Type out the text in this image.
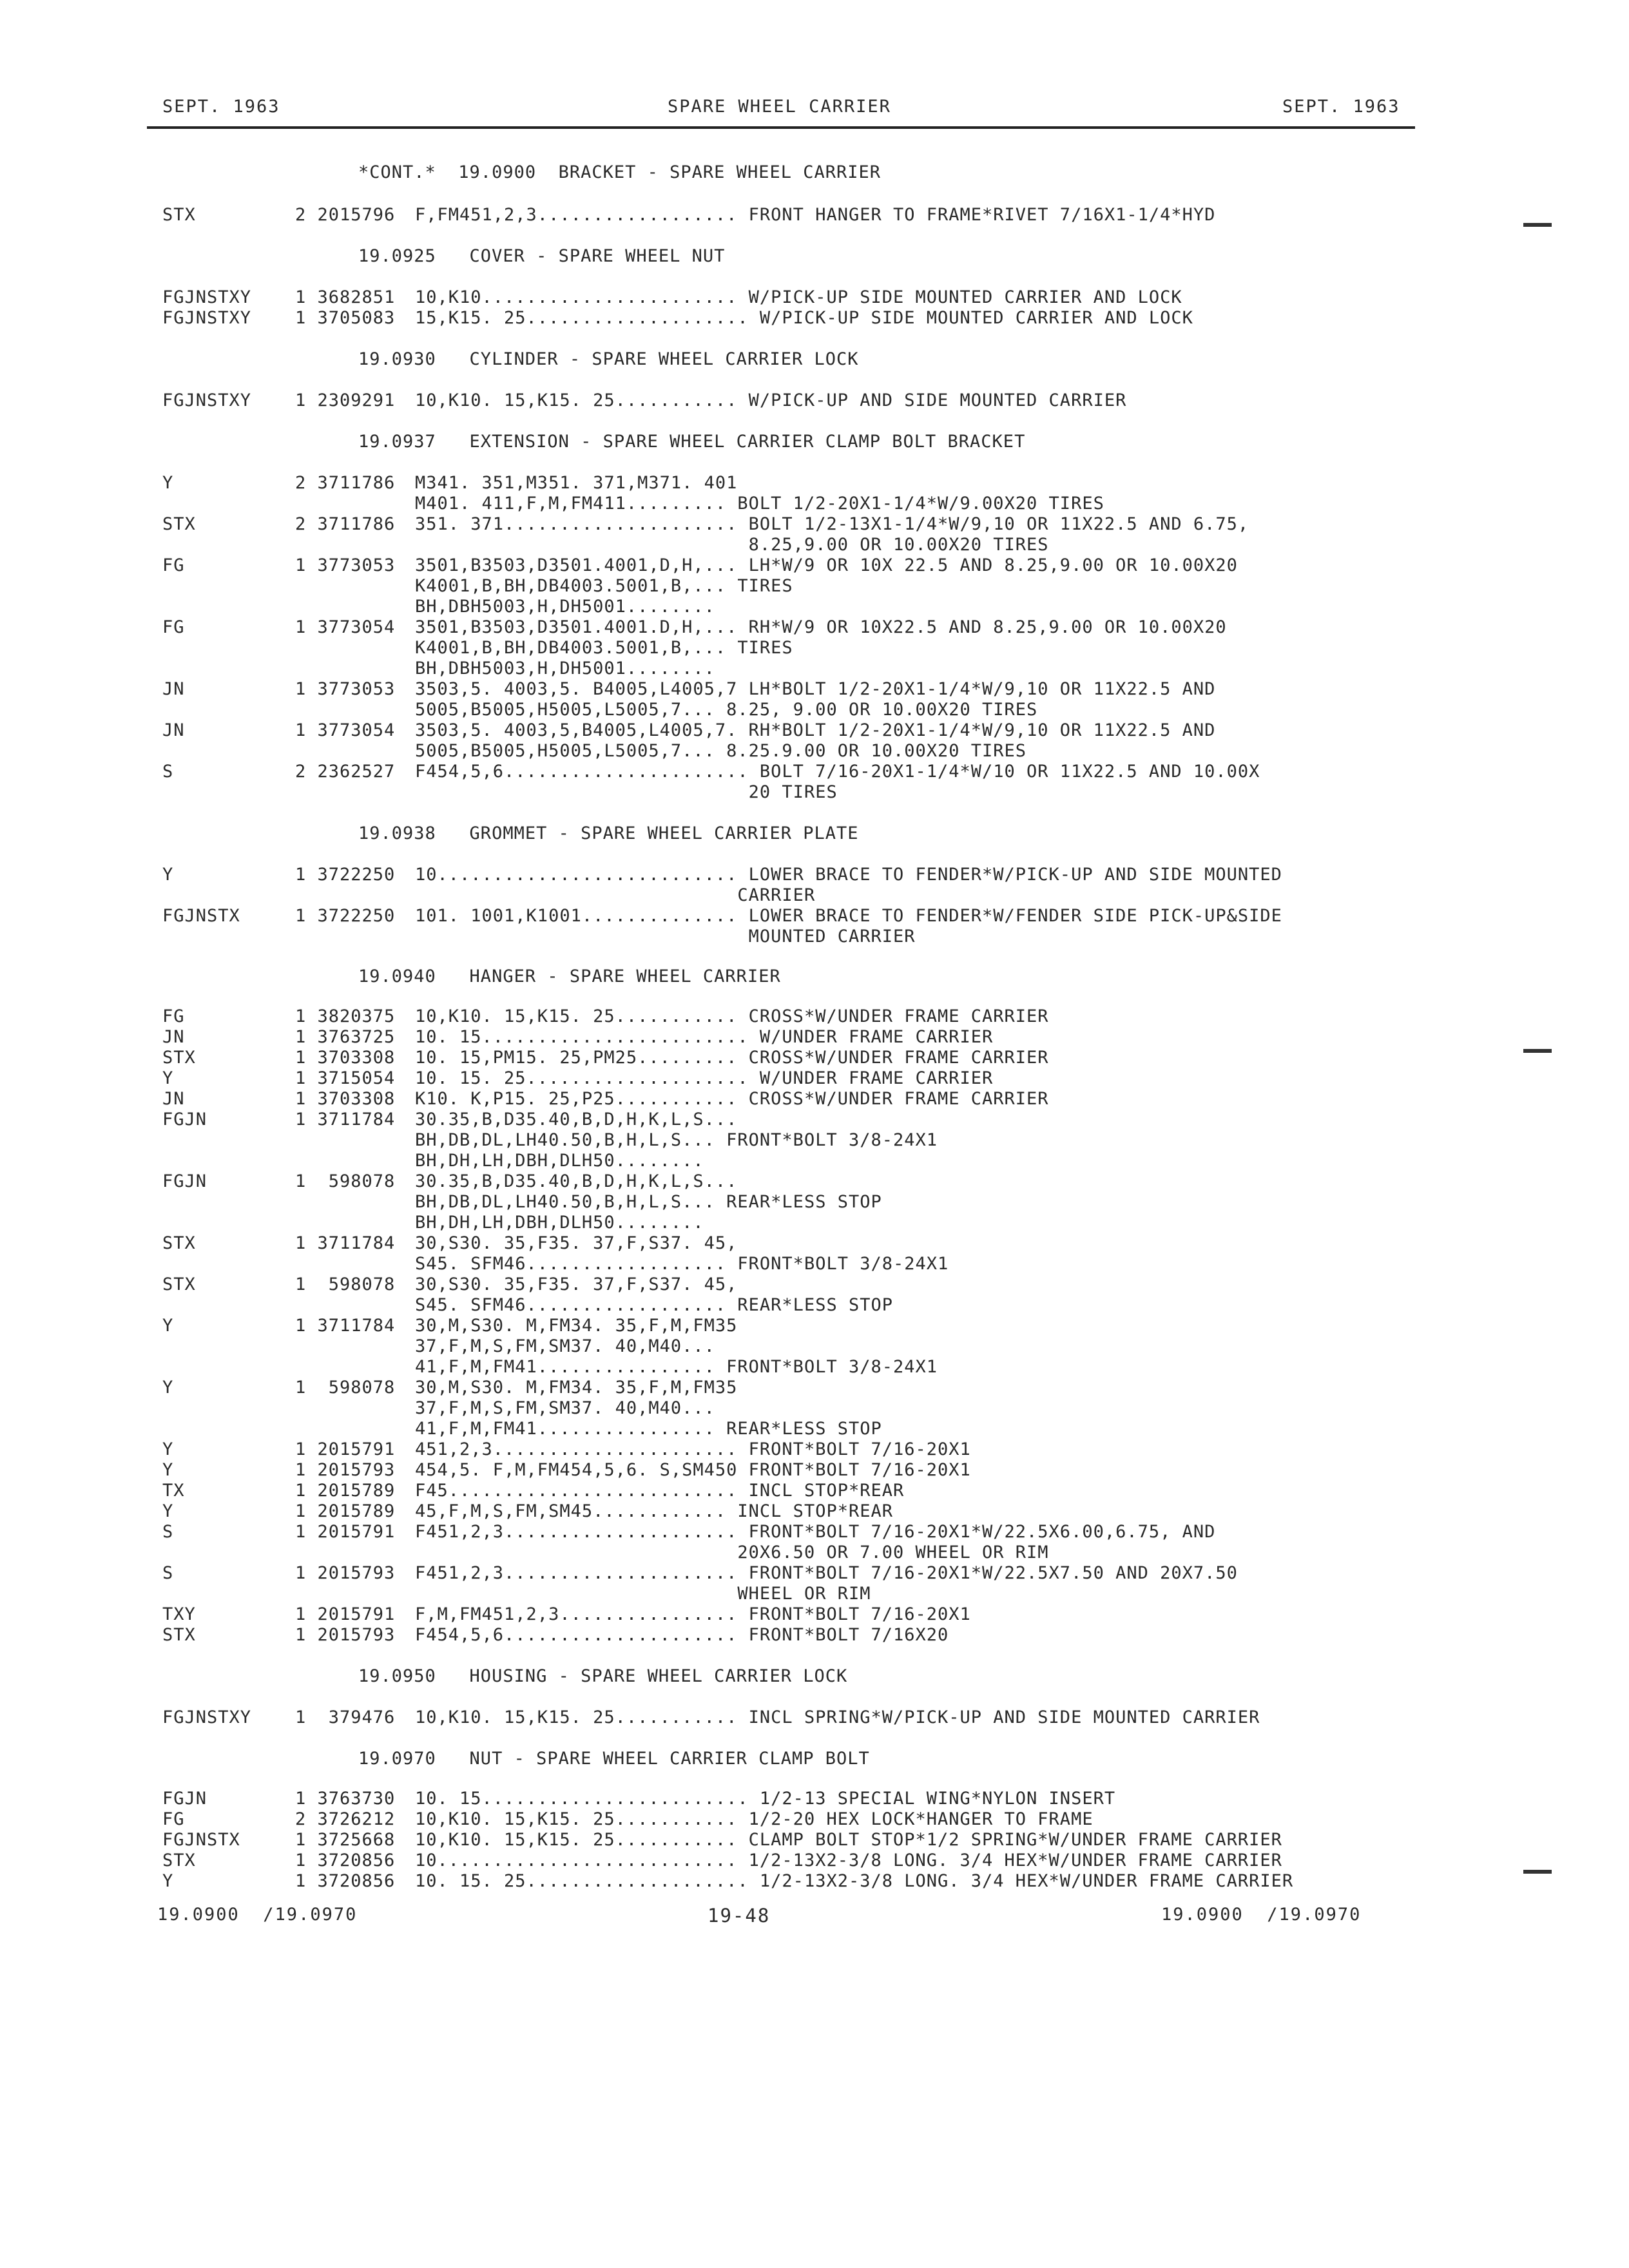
SEPT. 1963	SPARE WHEEL CARRIER	SEPT. 1963
*CONT.*  19.0900  BRACKET - SPARE WHEEL CARRIER
STX	2 2015796 F,FM451,2,3.................. FRONT HANGER TO FRAME*RIVET 7/16X1-1/4*HYD
19.0925   COVER - SPARE WHEEL NUT
FGJNSTXY	1 3682851 10,K10....................... W/PICK-UP SIDE MOUNTED CARRIER AND LOCK
FGJNSTXY	1 3705083 15,K15. 25.................... W/PICK-UP SIDE MOUNTED CARRIER AND LOCK
19.0930   CYLINDER - SPARE WHEEL CARRIER LOCK
FGJNSTXY	1 2309291 10,K10. 15,K15. 25........... W/PICK-UP AND SIDE MOUNTED CARRIER
19.0937   EXTENSION - SPARE WHEEL CARRIER CLAMP BOLT BRACKET
Y	2 3711786 M341. 351,M351. 371,M371. 401
M401. 411,F,M,FM411......... BOLT 1/2-20X1-1/4*W/9.00X20 TIRES
STX	2 3711786 351. 371..................... BOLT 1/2-13X1-1/4*W/9,10 OR 11X22.5 AND 6.75,
8.25,9.00 OR 10.00X20 TIRES
FG	1 3773053 3501,B3503,D3501.4001,D,H,... LH*W/9 OR 10X 22.5 AND 8.25,9.00 OR 10.00X20
K4001,B,BH,DB4003.5001,B,... TIRES
BH,DBH5003,H,DH5001........
FG	1 3773054 3501,B3503,D3501.4001.D,H,... RH*W/9 OR 10X22.5 AND 8.25,9.00 OR 10.00X20
K4001,B,BH,DB4003.5001,B,... TIRES
BH,DBH5003,H,DH5001........
JN	1 3773053 3503,5. 4003,5. B4005,L4005,7 LH*BOLT 1/2-20X1-1/4*W/9,10 OR 11X22.5 AND
5005,B5005,H5005,L5005,7... 8.25, 9.00 OR 10.00X20 TIRES
JN	1 3773054 3503,5. 4003,5,B4005,L4005,7. RH*BOLT 1/2-20X1-1/4*W/9,10 OR 11X22.5 AND
5005,B5005,H5005,L5005,7... 8.25.9.00 OR 10.00X20 TIRES
S	2 2362527 F454,5,6...................... BOLT 7/16-20X1-1/4*W/10 OR 11X22.5 AND 10.00X
20 TIRES
19.0938   GROMMET - SPARE WHEEL CARRIER PLATE
Y	1 3722250 10........................... LOWER BRACE TO FENDER*W/PICK-UP AND SIDE MOUNTED
CARRIER
FGJNSTX	1 3722250 101. 1001,K1001.............. LOWER BRACE TO FENDER*W/FENDER SIDE PICK-UP&SIDE
MOUNTED CARRIER
19.0940   HANGER - SPARE WHEEL CARRIER
FG	1 3820375 10,K10. 15,K15. 25........... CROSS*W/UNDER FRAME CARRIER
JN	1 3763725 10. 15........................ W/UNDER FRAME CARRIER
STX	1 3703308 10. 15,PM15. 25,PM25......... CROSS*W/UNDER FRAME CARRIER
Y	1 3715054 10. 15. 25.................... W/UNDER FRAME CARRIER
JN	1 3703308 K10. K,P15. 25,P25........... CROSS*W/UNDER FRAME CARRIER
FGJN	1 3711784 30.35,B,D35.40,B,D,H,K,L,S...
BH,DB,DL,LH40.50,B,H,L,S... FRONT*BOLT 3/8-24X1
BH,DH,LH,DBH,DLH50........
FGJN	1  598078 30.35,B,D35.40,B,D,H,K,L,S...
BH,DB,DL,LH40.50,B,H,L,S... REAR*LESS STOP
BH,DH,LH,DBH,DLH50........
STX	1 3711784 30,S30. 35,F35. 37,F,S37. 45,
S45. SFM46.................. FRONT*BOLT 3/8-24X1
STX	1  598078 30,S30. 35,F35. 37,F,S37. 45,
S45. SFM46.................. REAR*LESS STOP
Y	1 3711784 30,M,S30. M,FM34. 35,F,M,FM35
37,F,M,S,FM,SM37. 40,M40...
41,F,M,FM41................ FRONT*BOLT 3/8-24X1
Y	1  598078 30,M,S30. M,FM34. 35,F,M,FM35
37,F,M,S,FM,SM37. 40,M40...
41,F,M,FM41................ REAR*LESS STOP
Y	1 2015791 451,2,3...................... FRONT*BOLT 7/16-20X1
Y	1 2015793 454,5. F,M,FM454,5,6. S,SM450 FRONT*BOLT 7/16-20X1
TX	1 2015789 F45.......................... INCL STOP*REAR
Y	1 2015789 45,F,M,S,FM,SM45............ INCL STOP*REAR
S	1 2015791 F451,2,3..................... FRONT*BOLT 7/16-20X1*W/22.5X6.00,6.75, AND
20X6.50 OR 7.00 WHEEL OR RIM
S	1 2015793 F451,2,3..................... FRONT*BOLT 7/16-20X1*W/22.5X7.50 AND 20X7.50
WHEEL OR RIM
TXY	1 2015791 F,M,FM451,2,3................ FRONT*BOLT 7/16-20X1
STX	1 2015793 F454,5,6..................... FRONT*BOLT 7/16X20
19.0950   HOUSING - SPARE WHEEL CARRIER LOCK
FGJNSTXY	1  379476 10,K10. 15,K15. 25........... INCL SPRING*W/PICK-UP AND SIDE MOUNTED CARRIER
19.0970   NUT - SPARE WHEEL CARRIER CLAMP BOLT
FGJN	1 3763730 10. 15........................ 1/2-13 SPECIAL WING*NYLON INSERT
FG	2 3726212 10,K10. 15,K15. 25........... 1/2-20 HEX LOCK*HANGER TO FRAME
FGJNSTX	1 3725668 10,K10. 15,K15. 25........... CLAMP BOLT STOP*1/2 SPRING*W/UNDER FRAME CARRIER
STX	1 3720856 10........................... 1/2-13X2-3/8 LONG. 3/4 HEX*W/UNDER FRAME CARRIER
Y	1 3720856 10. 15. 25.................... 1/2-13X2-3/8 LONG. 3/4 HEX*W/UNDER FRAME CARRIER
19.0900  /19.0970	19-48	19.0900  /19.0970
